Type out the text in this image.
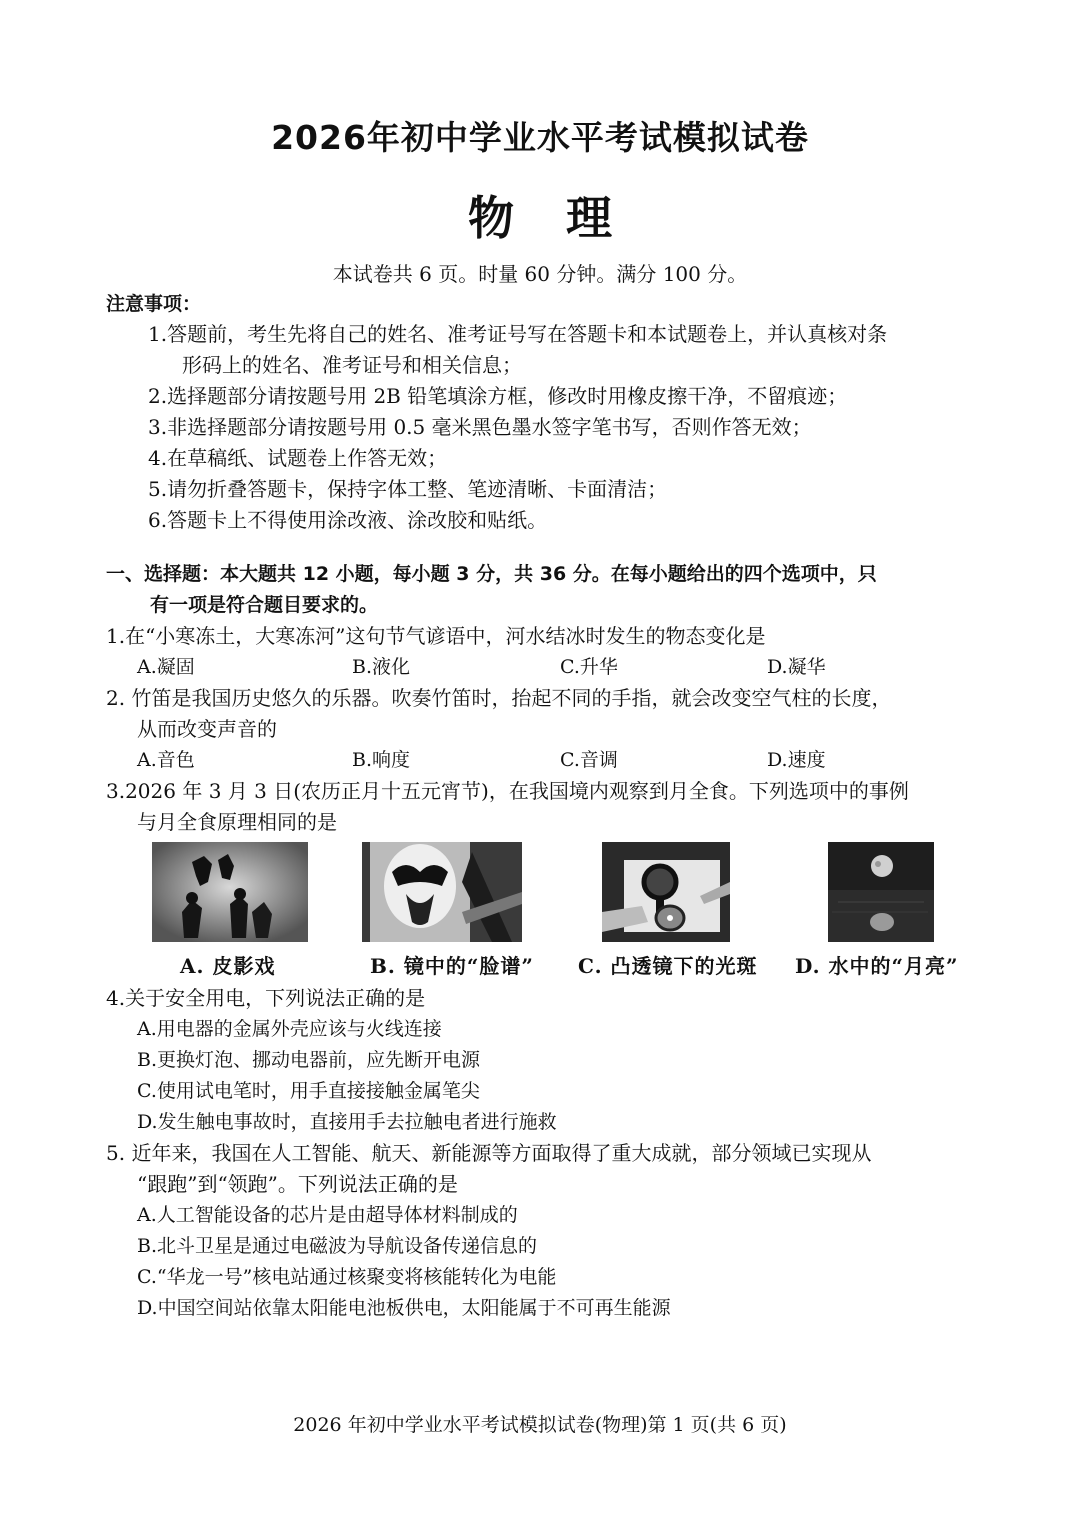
2026年初中学业水平考试模拟试卷
物 理
本试卷共 6 页。时量 60 分钟。满分 100 分。
注意事项：
1.答题前，考生先将自己的姓名、准考证号写在答题卡和本试题卷上，并认真核对条
形码上的姓名、准考证号和相关信息；
2.选择题部分请按题号用 2B 铅笔填涂方框，修改时用橡皮擦干净，不留痕迹；
3.非选择题部分请按题号用 0.5 毫米黑色墨水签字笔书写，否则作答无效；
4.在草稿纸、试题卷上作答无效；
5.请勿折叠答题卡，保持字体工整、笔迹清晰、卡面清洁；
6.答题卡上不得使用涂改液、涂改胶和贴纸。
一、选择题：本大题共 12 小题，每小题 3 分，共 36 分。在每小题给出的四个选项中，只
有一项是符合题目要求的。
1.在“小寒冻土，大寒冻河”这句节气谚语中，河水结冰时发生的物态变化是
A.凝固	B.液化	C.升华	D.凝华
2. 竹笛是我国历史悠久的乐器。吹奏竹笛时，抬起不同的手指，就会改变空气柱的长度，
从而改变声音的
A.音色	B.响度	C.音调	D.速度
3.2026 年 3 月 3 日(农历正月十五元宵节)，在我国境内观察到月全食。下列选项中的事例
与月全食原理相同的是
A. 皮影戏	B. 镜中的“脸谱” C. 凸透镜下的光斑 D. 水中的“月亮”
4.关于安全用电，下列说法正确的是
A.用电器的金属外壳应该与火线连接
B.更换灯泡、挪动电器前，应先断开电源
C.使用试电笔时，用手直接接触金属笔尖
D.发生触电事故时，直接用手去拉触电者进行施救
5. 近年来，我国在人工智能、航天、新能源等方面取得了重大成就，部分领域已实现从
“跟跑”到“领跑”。下列说法正确的是
A.人工智能设备的芯片是由超导体材料制成的
B.北斗卫星是通过电磁波为导航设备传递信息的
C.“华龙一号”核电站通过核聚变将核能转化为电能
D.中国空间站依靠太阳能电池板供电，太阳能属于不可再生能源
2026 年初中学业水平考试模拟试卷(物理)第 1 页(共 6 页)
